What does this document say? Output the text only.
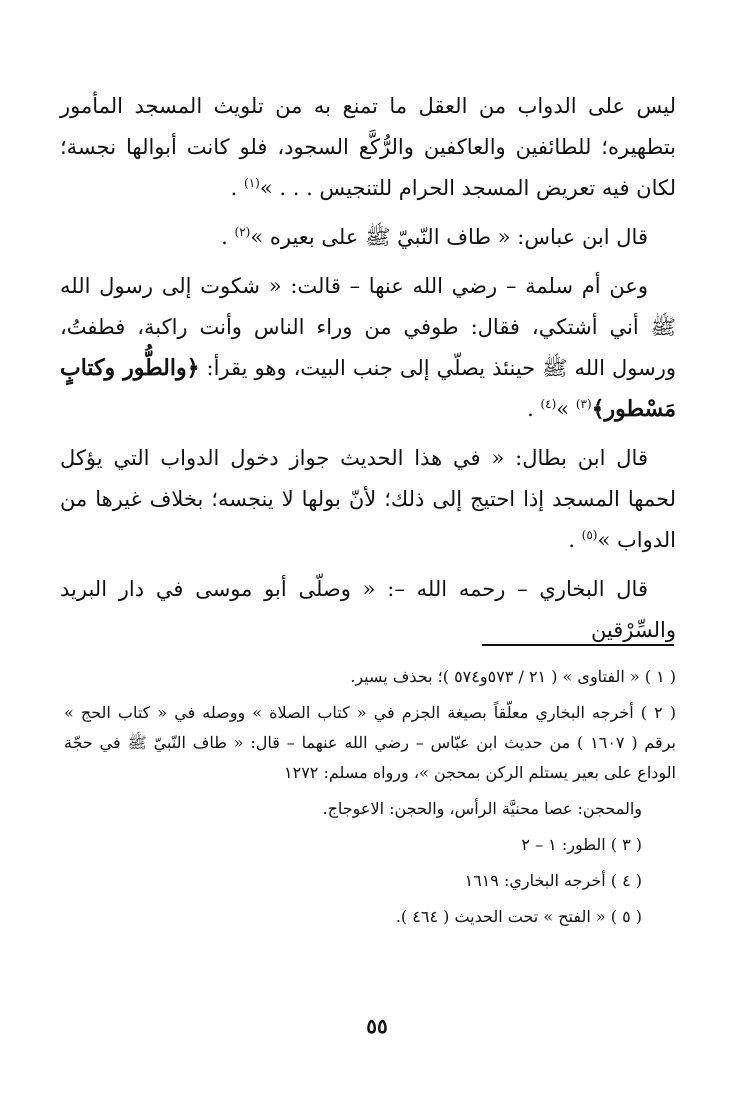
ليس على الدواب من العقل ما تمنع به من تلويث المسجد المأمور بتطهيره؛ للطائفين والعاكفين والرُّكَّع السجود، فلو كانت أبوالها نجسة؛ لكان فيه تعريض المسجد الحرام للتنجيس . . . »$^{(١)}$ .

قال ابن عباس: « طاف النّبيّ ﷺ على بعيره »$^{(٢)}$ .

وعن أم سلمة – رضي الله عنها – قالت: « شكوت إلى رسول الله ﷺ أني أشتكي، فقال: طوفي من وراء الناس وأنت راكبة، فطفتُ، ورسول الله ﷺ حينئذ يصلّي إلى جنب البيت، وهو يقرأ: ﴿والطُّور وكتابٍ مَسْطور﴾$^{(٣)}$ »$^{(٤)}$ .

قال ابن بطال: « في هذا الحديث جواز دخول الدواب التي يؤكل لحمها المسجد إذا احتيج إلى ذلك؛ لأنّ بولها لا ينجسه؛ بخلاف غيرها من الدواب »$^{(٥)}$ .

قال البخاري – رحمه الله –: « وصلّى أبو موسى في دار البريد والسِّرْقين

( ١ ) « الفتاوى » ( ٢١ / ٥٧٣و٥٧٤ )؛ بحذف يسير.

( ٢ ) أخرجه البخاري معلّقاً بصيغة الجزم في « كتاب الصلاة » ووصله في « كتاب الحج » برقم ( ١٦٠٧ ) من حديث ابن عبّاس – رضي الله عنهما – قال: « طاف النّبيّ ﷺ في حجّة الوداع على بعير يستلم الركن بمحجن »، ورواه مسلم: ١٢٧٢

والمحجن: عصا محنيَّة الرأس، والحجن: الاعوجاج.

( ٣ ) الطور: ١ – ٢

( ٤ ) أخرجه البخاري: ١٦١٩

( ٥ ) « الفتح » تحت الحديث ( ٤٦٤ ).

٥٥
